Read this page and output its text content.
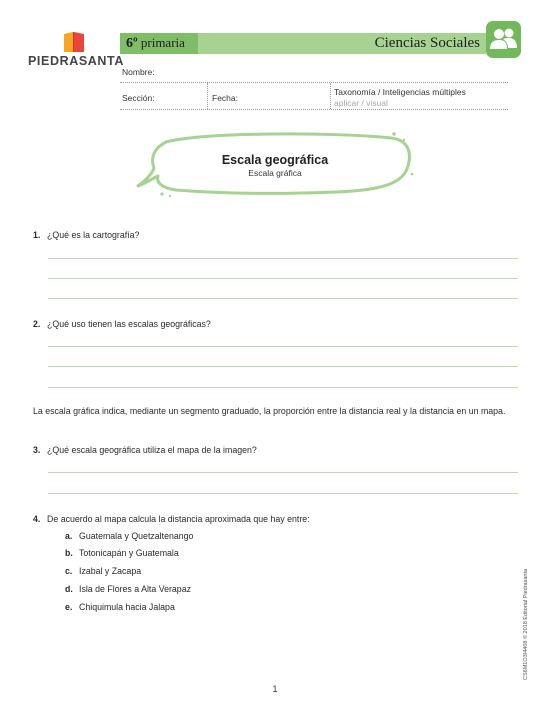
PIEDRASANTA
6º primaria	Ciencias Sociales
Nombre:
Sección:	Fecha:
Taxonomía / Inteligencias múltiples
aplicar / visual
Escala geográfica
Escala gráfica
1. ¿Qué es la cartografía?
2. ¿Qué uso tienen las escalas geográficas?
La escala gráfica indica, mediante un segmento graduado, la proporción entre la distancia real y la distancia en un mapa.
3. ¿Qué escala geográfica utiliza el mapa de la imagen?
4. De acuerdo al mapa calcula la distancia aproximada que hay entre:
a. Guatemala y Quetzaltenango
b. Totonicapán y Guatemala
c. Izabal y Zacapa
d. Isla de Flores a Alta Verapaz
e. Chiquimula hacia Jalapa	CS6M1O3I4408 © 2018 Editorial Piedrasanta
1
